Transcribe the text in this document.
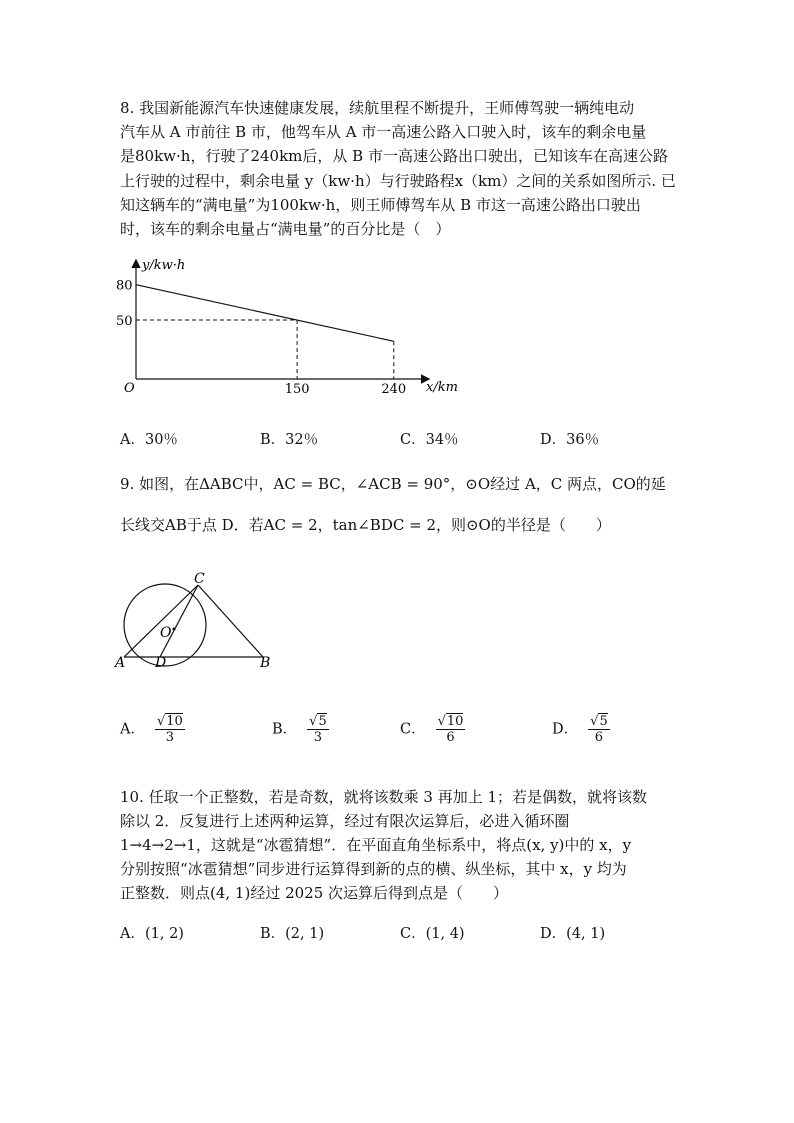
8. 我国新能源汽车快速健康发展，续航里程不断提升，王师傅驾驶一辆纯电动
汽车从 A 市前往 B 市，他驾车从 A 市一高速公路入口驶入时，该车的剩余电量
是80kw·h，行驶了240km后，从 B 市一高速公路出口驶出，已知该车在高速公路
上行驶的过程中，剩余电量 y（kw·h）与行驶路程x（km）之间的关系如图所示. 已
知这辆车的“满电量”为100kw·h，则王师傅驾车从 B 市这一高速公路出口驶出
时，该车的剩余电量占“满电量”的百分比是（　）
y/kw·h
x/km
O
80
50
150	240
A．30％	B．32％	C．34％	D．36％
9. 如图，在ΔABC中，AC = BC，∠ACB = 90°，⊙O经过 A，C 两点，CO的延
长线交AB于点 D．若AC = 2，tan∠BDC = 2，则⊙O的半径是（　　）
C
O
A D	B
A． $\frac{√10}{3}$	B． $\frac{√5}{3}$	C． $\frac{√10}{6}$	D． $\frac{√5}{6}$
10. 任取一个正整数，若是奇数，就将该数乘 3 再加上 1；若是偶数，就将该数
除以 2．反复进行上述两种运算，经过有限次运算后，必进入循环圈
1→4→2→1，这就是“冰雹猜想”．在平面直角坐标系中，将点(x, y)中的 x，y
分别按照“冰雹猜想”同步进行运算得到新的点的横、纵坐标，其中 x，y 均为
正整数．则点(4, 1)经过 2025 次运算后得到点是（　　）
A．(1, 2)	B．(2, 1)	C．(1, 4)	D．(4, 1)
